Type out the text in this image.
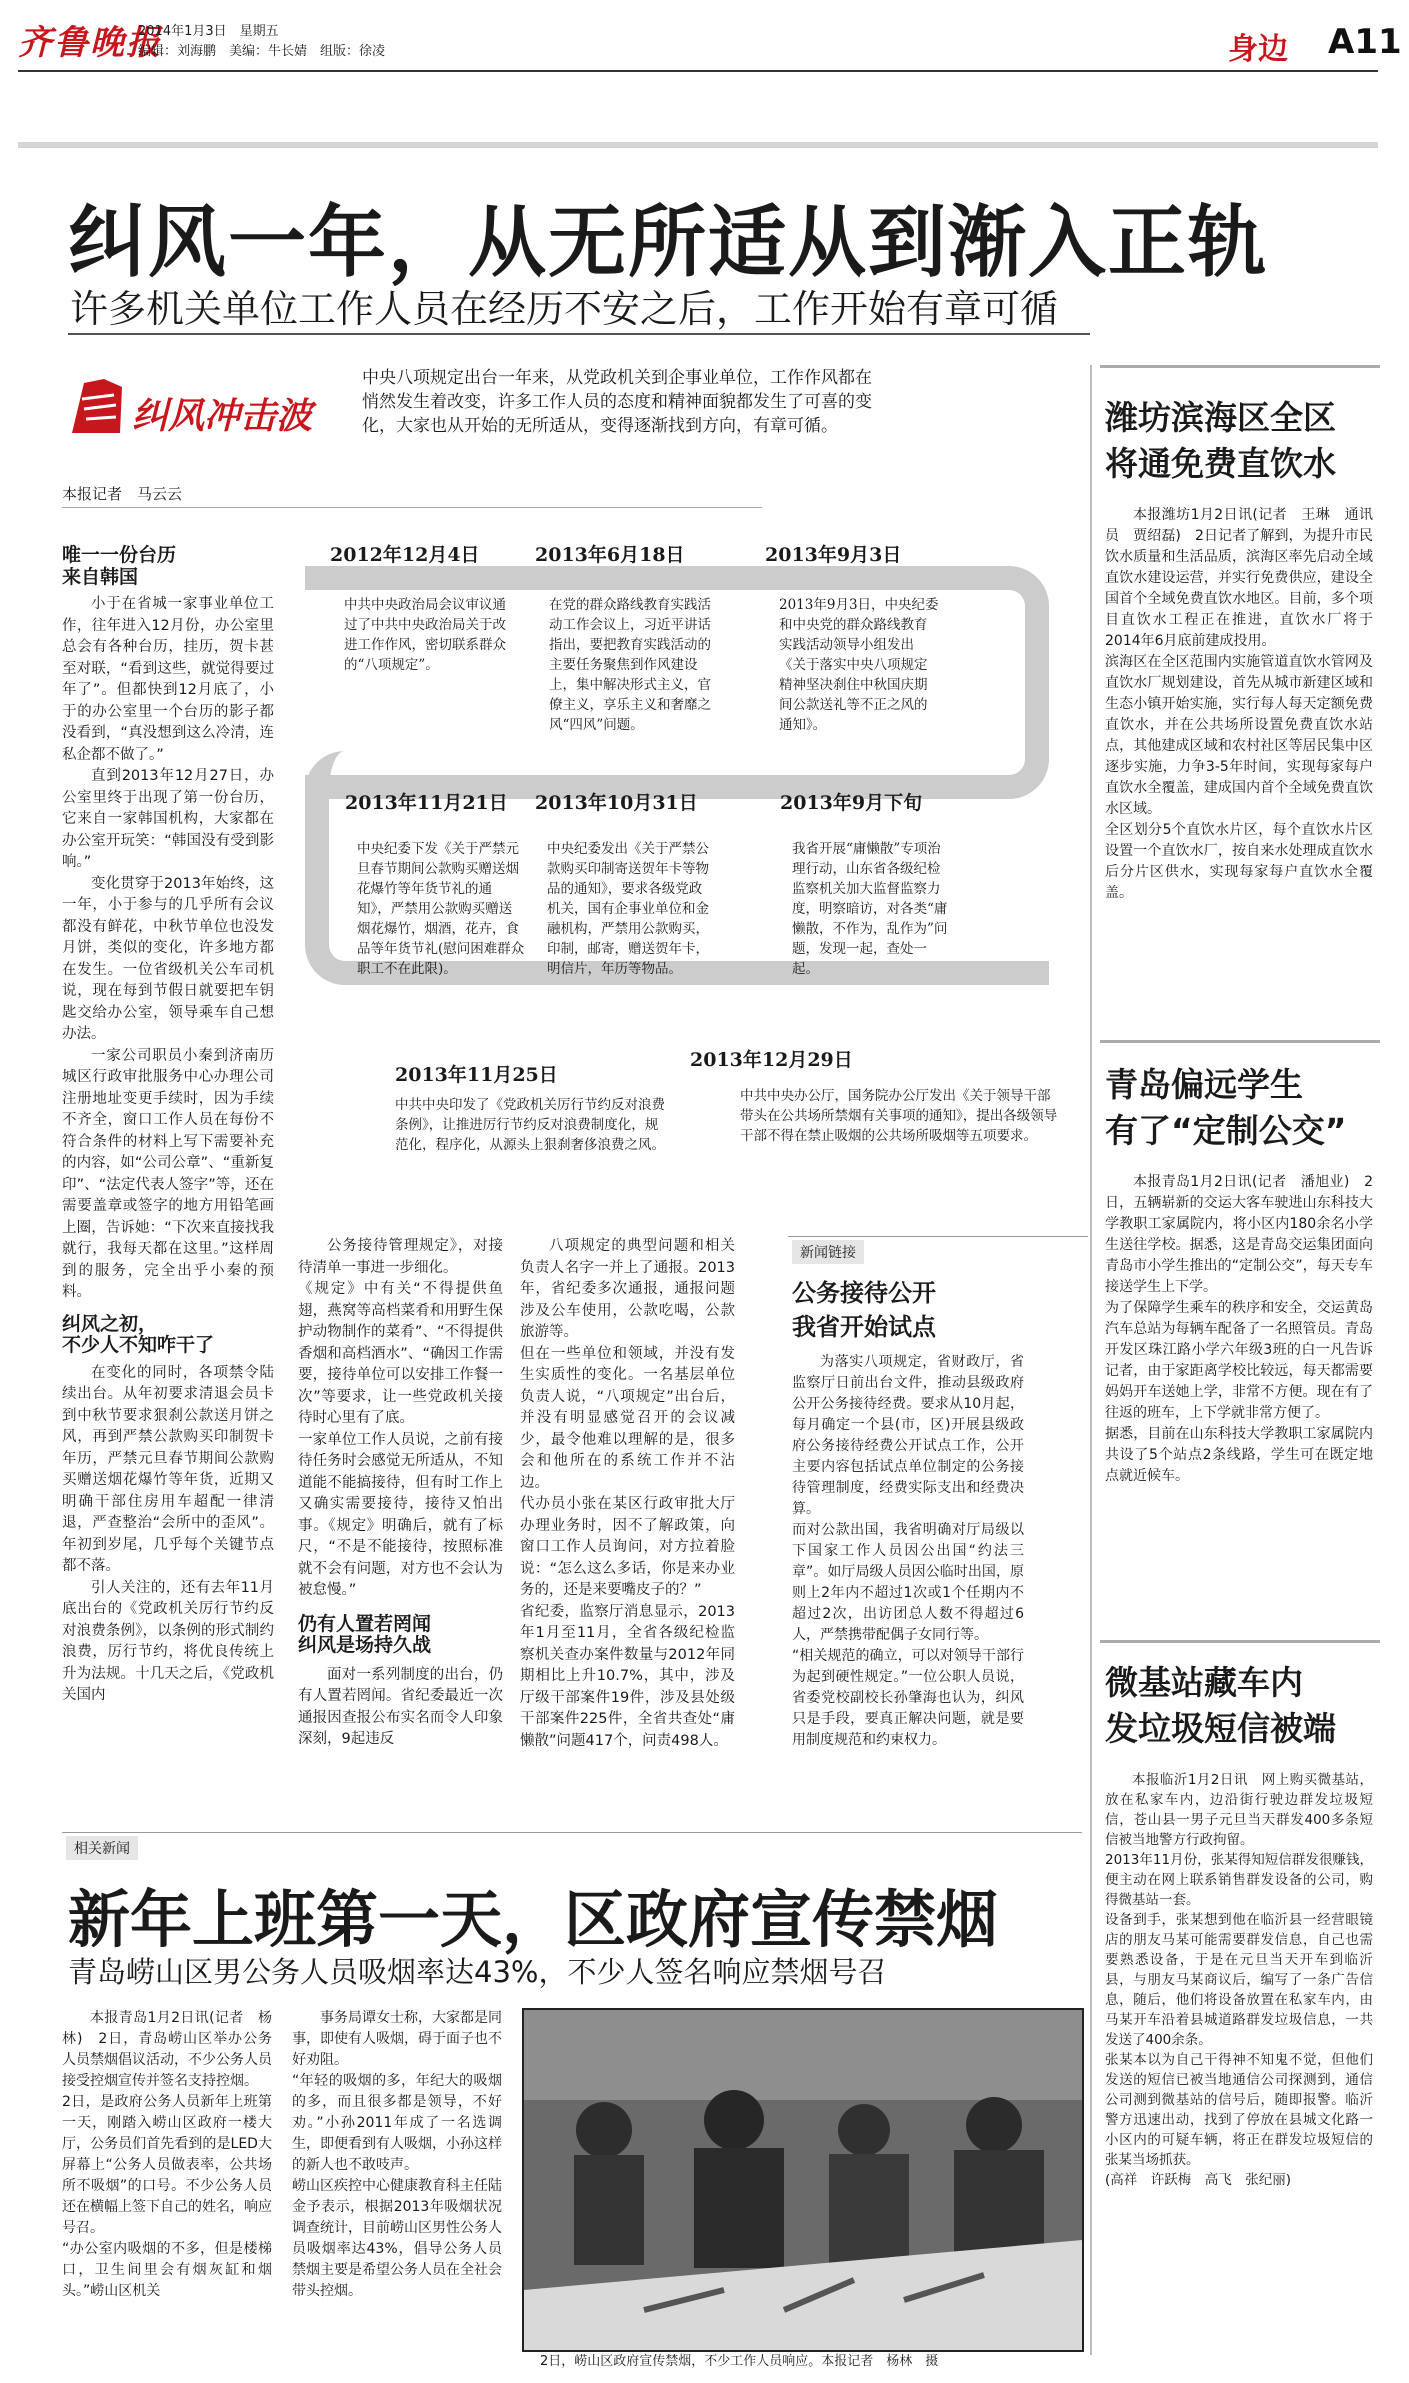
齐鲁晚报
2014年1月3日　星期五
编辑：刘海鹏　美编：牛长婧　组版：徐凌	身边 A11
纠风一年，从无所适从到渐入正轨
许多机关单位工作人员在经历不安之后，工作开始有章可循
纠风冲击波
中央八项规定出台一年来，从党政机关到企事业单位，工作作风都在悄然发生着改变，许多工作人员的态度和精神面貌都发生了可喜的变化，大家也从开始的无所适从，变得逐渐找到方向，有章可循。
本报记者　马云云
唯一一份台历
来自韩国
小于在省城一家事业单位工作，往年进入12月份，办公室里总会有各种台历，挂历，贺卡甚至对联，“看到这些，就觉得要过年了”。但都快到12月底了，小于的办公室里一个台历的影子都没看到，“真没想到这么冷清，连私企都不做了。”
直到2013年12月27日，办公室里终于出现了第一份台历，它来自一家韩国机构，大家都在办公室开玩笑：“韩国没有受到影响。”
变化贯穿于2013年始终，这一年，小于参与的几乎所有会议都没有鲜花，中秋节单位也没发月饼，类似的变化，许多地方都在发生。一位省级机关公车司机说，现在每到节假日就要把车钥匙交给办公室，领导乘车自己想办法。
一家公司职员小秦到济南历城区行政审批服务中心办理公司注册地址变更手续时，因为手续不齐全，窗口工作人员在每份不符合条件的材料上写下需要补充的内容，如“公司公章”、“重新复印”、“法定代表人签字”等，还在需要盖章或签字的地方用铅笔画上圈，告诉她：“下次来直接找我就行，我每天都在这里。”这样周到的服务，完全出乎小秦的预料。
纠风之初，
不少人不知咋干了
在变化的同时，各项禁令陆续出台。从年初要求清退会员卡到中秋节要求狠刹公款送月饼之风，再到严禁公款购买印制贺卡年历，严禁元旦春节期间公款购买赠送烟花爆竹等年货，近期又明确干部住房用车超配一律清退，严查整治“会所中的歪风”。年初到岁尾，几乎每个关键节点都不落。
引人关注的，还有去年11月底出台的《党政机关厉行节约反对浪费条例》，以条例的形式制约浪费，厉行节约，将优良传统上升为法规。十几天之后，《党政机关国内
2012年12月4日
中共中央政治局会议审议通过了中共中央政治局关于改进工作作风，密切联系群众的“八项规定”。
2013年6月18日
在党的群众路线教育实践活动工作会议上，习近平讲话指出，要把教育实践活动的主要任务聚焦到作风建设上，集中解决形式主义，官僚主义，享乐主义和奢靡之风“四风”问题。
2013年9月3日
2013年9月3日，中央纪委和中央党的群众路线教育实践活动领导小组发出《关于落实中央八项规定精神坚决刹住中秋国庆期间公款送礼等不正之风的通知》。
2013年11月21日
中央纪委下发《关于严禁元旦春节期间公款购买赠送烟花爆竹等年货节礼的通知》，严禁用公款购买赠送烟花爆竹，烟酒，花卉，食品等年货节礼(慰问困难群众职工不在此限)。
2013年10月31日
中央纪委发出《关于严禁公款购买印制寄送贺年卡等物品的通知》，要求各级党政机关，国有企事业单位和金融机构，严禁用公款购买，印制，邮寄，赠送贺年卡，明信片，年历等物品。
2013年9月下旬
我省开展“庸懒散”专项治理行动，山东省各级纪检监察机关加大监督监察力度，明察暗访，对各类“庸懒散，不作为，乱作为”问题，发现一起，查处一起。
2013年11月25日
中共中央印发了《党政机关厉行节约反对浪费条例》，让推进厉行节约反对浪费制度化，规范化，程序化，从源头上狠刹奢侈浪费之风。
2013年12月29日
中共中央办公厅，国务院办公厅发出《关于领导干部带头在公共场所禁烟有关事项的通知》，提出各级领导干部不得在禁止吸烟的公共场所吸烟等五项要求。
公务接待管理规定》，对接待清单一事进一步细化。
《规定》中有关“不得提供鱼翅，燕窝等高档菜肴和用野生保护动物制作的菜肴”、“不得提供香烟和高档酒水”、“确因工作需要，接待单位可以安排工作餐一次”等要求，让一些党政机关接待时心里有了底。
一家单位工作人员说，之前有接待任务时会感觉无所适从，不知道能不能搞接待，但有时工作上又确实需要接待，接待又怕出事。《规定》明确后，就有了标尺，“不是不能接待，按照标准就不会有问题，对方也不会认为被怠慢。”
仍有人置若罔闻
纠风是场持久战
面对一系列制度的出台，仍有人置若罔闻。省纪委最近一次通报因查报公布实名而令人印象深刻，9起违反
八项规定的典型问题和相关负责人名字一并上了通报。2013年，省纪委多次通报，通报问题涉及公车使用，公款吃喝，公款旅游等。
但在一些单位和领域，并没有发生实质性的变化。一名基层单位负责人说，“八项规定”出台后，并没有明显感觉召开的会议减少，最令他难以理解的是，很多会和他所在的系统工作并不沾边。
代办员小张在某区行政审批大厅办理业务时，因不了解政策，向窗口工作人员询问，对方拉着脸说：“怎么这么多话，你是来办业务的，还是来要嘴皮子的？”
省纪委，监察厅消息显示，2013年1月至11月，全省各级纪检监察机关查办案件数量与2012年同期相比上升10.7%，其中，涉及厅级干部案件19件，涉及县处级干部案件225件，全省共查处“庸懒散”问题417个，问责498人。
新闻链接
公务接待公开
我省开始试点
为落实八项规定，省财政厅，省监察厅日前出台文件，推动县级政府公开公务接待经费。要求从10月起，每月确定一个县(市，区)开展县级政府公务接待经费公开试点工作，公开主要内容包括试点单位制定的公务接待管理制度，经费实际支出和经费决算。
而对公款出国，我省明确对厅局级以下国家工作人员因公出国“约法三章”。如厅局级人员因公临时出国，原则上2年内不超过1次或1个任期内不超过2次，出访团总人数不得超过6人，严禁携带配偶子女同行等。
“相关规范的确立，可以对领导干部行为起到硬性规定。”一位公职人员说，省委党校副校长孙肇海也认为，纠风只是手段，要真正解决问题，就是要用制度规范和约束权力。
潍坊滨海区全区
将通免费直饮水
本报潍坊1月2日讯(记者　王琳　通讯员　贾绍磊)　2日记者了解到，为提升市民饮水质量和生活品质，滨海区率先启动全域直饮水建设运营，并实行免费供应，建设全国首个全域免费直饮水地区。目前，多个项目直饮水工程正在推进，直饮水厂将于2014年6月底前建成投用。
滨海区在全区范围内实施管道直饮水管网及直饮水厂规划建设，首先从城市新建区域和生态小镇开始实施，实行每人每天定额免费直饮水，并在公共场所设置免费直饮水站点，其他建成区域和农村社区等居民集中区逐步实施，力争3-5年时间，实现每家每户直饮水全覆盖，建成国内首个全域免费直饮水区域。
全区划分5个直饮水片区，每个直饮水片区设置一个直饮水厂，按自来水处理成直饮水后分片区供水，实现每家每户直饮水全覆盖。
青岛偏远学生
有了“定制公交”
本报青岛1月2日讯(记者　潘旭业)　2日，五辆崭新的交运大客车驶进山东科技大学教职工家属院内，将小区内180余名小学生送往学校。据悉，这是青岛交运集团面向青岛市小学生推出的“定制公交”，每天专车接送学生上下学。
为了保障学生乘车的秩序和安全，交运黄岛汽车总站为每辆车配备了一名照管员。青岛开发区珠江路小学六年级3班的白一凡告诉记者，由于家距离学校比较远，每天都需要妈妈开车送她上学，非常不方便。现在有了往返的班车，上下学就非常方便了。
据悉，目前在山东科技大学教职工家属院内共设了5个站点2条线路，学生可在既定地点就近候车。
微基站藏车内
发垃圾短信被端
本报临沂1月2日讯　网上购买微基站，放在私家车内，边沿街行驶边群发垃圾短信，苍山县一男子元旦当天群发400多条短信被当地警方行政拘留。
2013年11月份，张某得知短信群发很赚钱，便主动在网上联系销售群发设备的公司，购得微基站一套。
设备到手，张某想到他在临沂县一经营眼镜店的朋友马某可能需要群发信息，自己也需要熟悉设备，于是在元旦当天开车到临沂县，与朋友马某商议后，编写了一条广告信息，随后，他们将设备放置在私家车内，由马某开车沿着县城道路群发垃圾信息，一共发送了400余条。
张某本以为自己干得神不知鬼不觉，但他们发送的短信已被当地通信公司探测到，通信公司测到微基站的信号后，随即报警。临沂警方迅速出动，找到了停放在县城文化路一小区内的可疑车辆，将正在群发垃圾短信的张某当场抓获。
(高祥　许跃梅　高飞　张纪丽)
相关新闻
新年上班第一天，区政府宣传禁烟
青岛崂山区男公务人员吸烟率达43%，不少人签名响应禁烟号召
本报青岛1月2日讯(记者　杨林)　2日，青岛崂山区举办公务人员禁烟倡议活动，不少公务人员接受控烟宣传并签名支持控烟。
2日，是政府公务人员新年上班第一天，刚踏入崂山区政府一楼大厅，公务员们首先看到的是LED大屏幕上“公务人员做表率，公共场所不吸烟”的口号。不少公务人员还在横幅上签下自己的姓名，响应号召。
“办公室内吸烟的不多，但是楼梯口，卫生间里会有烟灰缸和烟头。”崂山区机关
事务局谭女士称，大家都是同事，即使有人吸烟，碍于面子也不好劝阻。
“年轻的吸烟的多，年纪大的吸烟的多，而且很多都是领导，不好劝。”小孙2011年成了一名选调生，即便看到有人吸烟，小孙这样的新人也不敢吱声。
崂山区疾控中心健康教育科主任陆金予表示，根据2013年吸烟状况调查统计，目前崂山区男性公务人员吸烟率达43%，倡导公务人员禁烟主要是希望公务人员在全社会带头控烟。
2日，崂山区政府宣传禁烟，不少工作人员响应。本报记者　杨林　摄
